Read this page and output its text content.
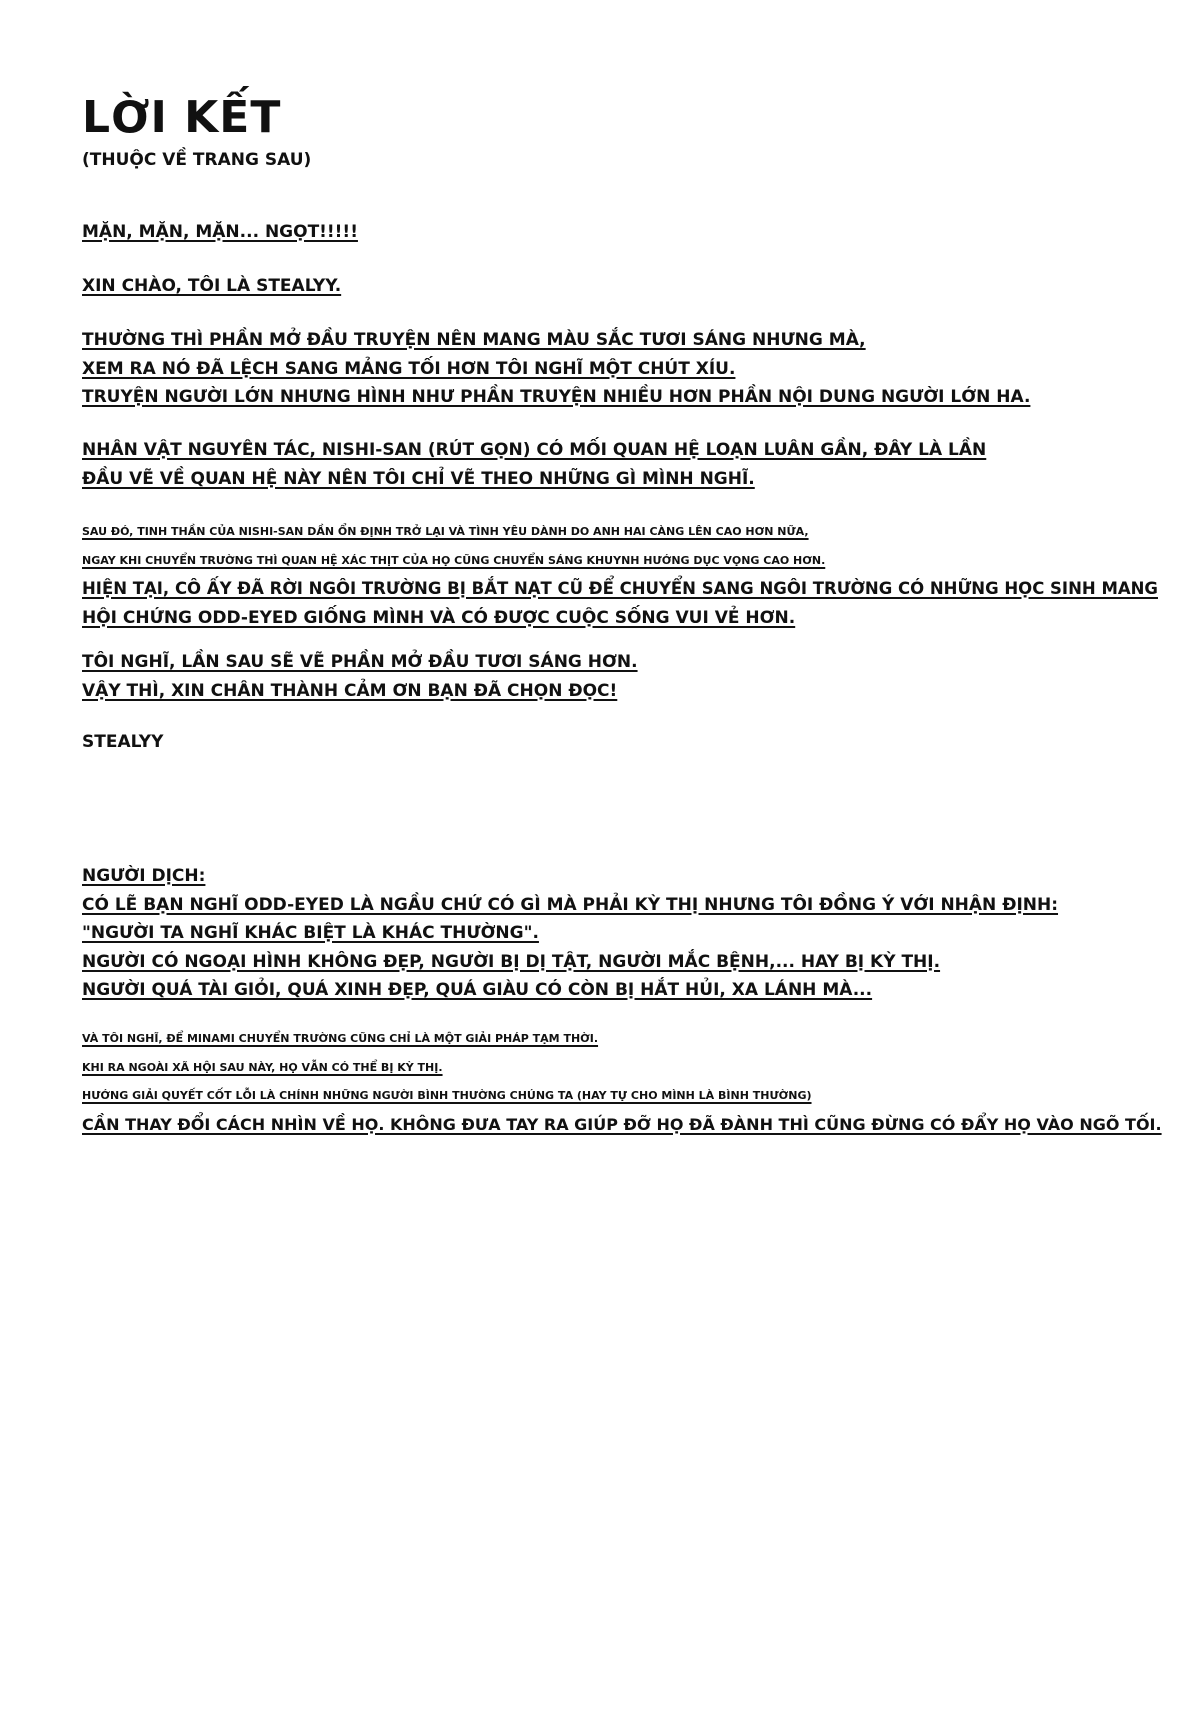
LỜI KẾT
(THUỘC VỀ TRANG SAU)
MẶN, MẶN, MẶN... NGỌT!!!!!
XIN CHÀO, TÔI LÀ STEALYY.
THƯỜNG THÌ PHẦN MỞ ĐẦU TRUYỆN NÊN MANG MÀU SẮC TƯƠI SÁNG NHƯNG MÀ,
XEM RA NÓ ĐÃ LỆCH SANG MẢNG TỐI HƠN TÔI NGHĨ MỘT CHÚT XÍU.
TRUYỆN NGƯỜI LỚN NHƯNG HÌNH NHƯ PHẦN TRUYỆN NHIỀU HƠN PHẦN NỘI DUNG NGƯỜI LỚN HA.
NHÂN VẬT NGUYÊN TÁC, NISHI-SAN (RÚT GỌN) CÓ MỐI QUAN HỆ LOẠN LUÂN GẦN, ĐÂY LÀ LẦN
ĐẦU VẼ VỀ QUAN HỆ NÀY NÊN TÔI CHỈ VẼ THEO NHỮNG GÌ MÌNH NGHĨ.
SAU ĐÓ, TINH THẦN CỦA NISHI-SAN DẦN ỔN ĐỊNH TRỞ LẠI VÀ TÌNH YÊU DÀNH DO ANH HAI CÀNG LÊN CAO HƠN NỮA,
NGAY KHI CHUYỂN TRƯỜNG THÌ QUAN HỆ XÁC THỊT CỦA HỌ CŨNG CHUYỂN SÁNG KHUYNH HƯỚNG DỤC VỌNG CAO HƠN.
HIỆN TẠI, CÔ ẤY ĐÃ RỜI NGÔI TRƯỜNG BỊ BẮT NẠT CŨ ĐỂ CHUYỂN SANG NGÔI TRƯỜNG CÓ NHỮNG HỌC SINH MANG
HỘI CHỨNG ODD-EYED GIỐNG MÌNH VÀ CÓ ĐƯỢC CUỘC SỐNG VUI VẺ HƠN.
TÔI NGHĨ, LẦN SAU SẼ VẼ PHẦN MỞ ĐẦU TƯƠI SÁNG HƠN.
VẬY THÌ, XIN CHÂN THÀNH CẢM ƠN BẠN ĐÃ CHỌN ĐỌC!
STEALYY
NGƯỜI DỊCH:
CÓ LẼ BẠN NGHĨ ODD-EYED LÀ NGẦU CHỨ CÓ GÌ MÀ PHẢI KỲ THỊ NHƯNG TÔI ĐỒNG Ý VỚI NHẬN ĐỊNH:
"NGƯỜI TA NGHĨ KHÁC BIỆT LÀ KHÁC THƯỜNG".
NGƯỜI CÓ NGOẠI HÌNH KHÔNG ĐẸP, NGƯỜI BỊ DỊ TẬT, NGƯỜI MẮC BỆNH,... HAY BỊ KỲ THỊ.
NGƯỜI QUÁ TÀI GIỎI, QUÁ XINH ĐẸP, QUÁ GIÀU CÓ CÒN BỊ HẮT HỦI, XA LÁNH MÀ...
VÀ TÔI NGHĨ, ĐỂ MINAMI CHUYỂN TRƯỜNG CŨNG CHỈ LÀ MỘT GIẢI PHÁP TẠM THỜI.
KHI RA NGOÀI XÃ HỘI SAU NÀY, HỌ VẪN CÓ THỂ BỊ KỲ THỊ.
HƯỚNG GIẢI QUYẾT CỐT LỖI LÀ CHÍNH NHỮNG NGƯỜI BÌNH THƯỜNG CHÚNG TA (HAY TỰ CHO MÌNH LÀ BÌNH THƯỜNG)
CẦN THAY ĐỔI CÁCH NHÌN VỀ HỌ. KHÔNG ĐƯA TAY RA GIÚP ĐỠ HỌ ĐÃ ĐÀNH THÌ CŨNG ĐỪNG CÓ ĐẨY HỌ VÀO NGÕ TỐI.
